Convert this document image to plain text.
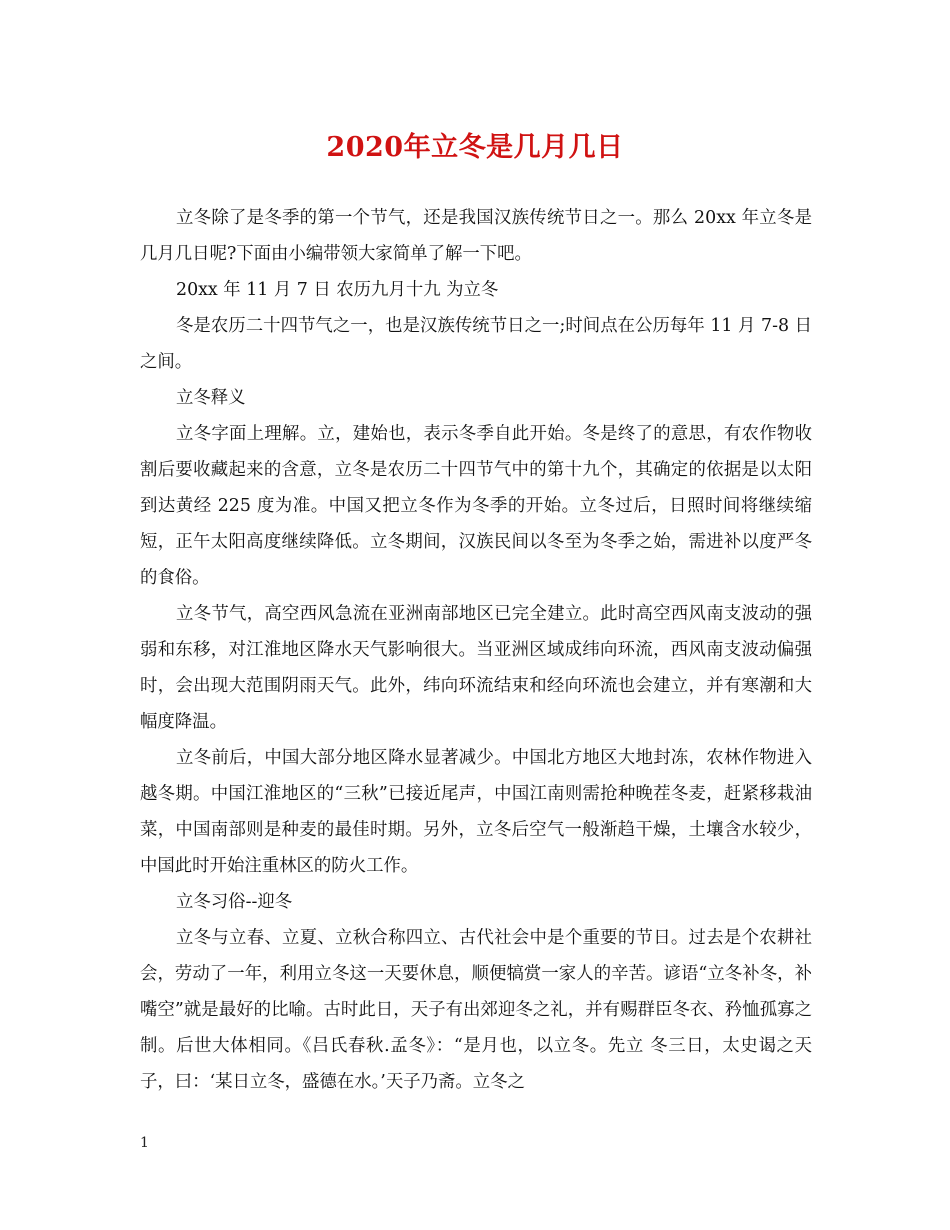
2020年立冬是几月几日

立冬除了是冬季的第一个节气，还是我国汉族传统节日之一。那么 20xx 年立冬是几月几日呢?下面由小编带领大家简单了解一下吧。

20xx 年 11 月 7 日 农历九月十九 为立冬

冬是农历二十四节气之一，也是汉族传统节日之一;时间点在公历每年 11 月 7-8 日之间。

立冬释义

立冬字面上理解。立，建始也，表示冬季自此开始。冬是终了的意思，有农作物收割后要收藏起来的含意，立冬是农历二十四节气中的第十九个，其确定的依据是以太阳到达黄经 225 度为准。中国又把立冬作为冬季的开始。立冬过后，日照时间将继续缩短，正午太阳高度继续降低。立冬期间，汉族民间以冬至为冬季之始，需进补以度严冬的食俗。

立冬节气，高空西风急流在亚洲南部地区已完全建立。此时高空西风南支波动的强弱和东移，对江淮地区降水天气影响很大。当亚洲区域成纬向环流，西风南支波动偏强时，会出现大范围阴雨天气。此外，纬向环流结束和经向环流也会建立，并有寒潮和大幅度降温。

立冬前后，中国大部分地区降水显著减少。中国北方地区大地封冻，农林作物进入越冬期。中国江淮地区的“三秋”已接近尾声，中国江南则需抢种晚茬冬麦，赶紧移栽油菜，中国南部则是种麦的最佳时期。另外，立冬后空气一般渐趋干燥，土壤含水较少，中国此时开始注重林区的防火工作。

立冬习俗--迎冬

立冬与立春、立夏、立秋合称四立、古代社会中是个重要的节日。过去是个农耕社会，劳动了一年，利用立冬这一天要休息，顺便犒赏一家人的辛苦。谚语“立冬补冬，补嘴空”就是最好的比喻。古时此日，天子有出郊迎冬之礼，并有赐群臣冬衣、矜恤孤寡之制。后世大体相同。《吕氏春秋.孟冬》：“是月也，以立冬。先立 冬三日，太史谒之天子，曰：‘某日立冬，盛德在水。’天子乃斋。立冬之

1
